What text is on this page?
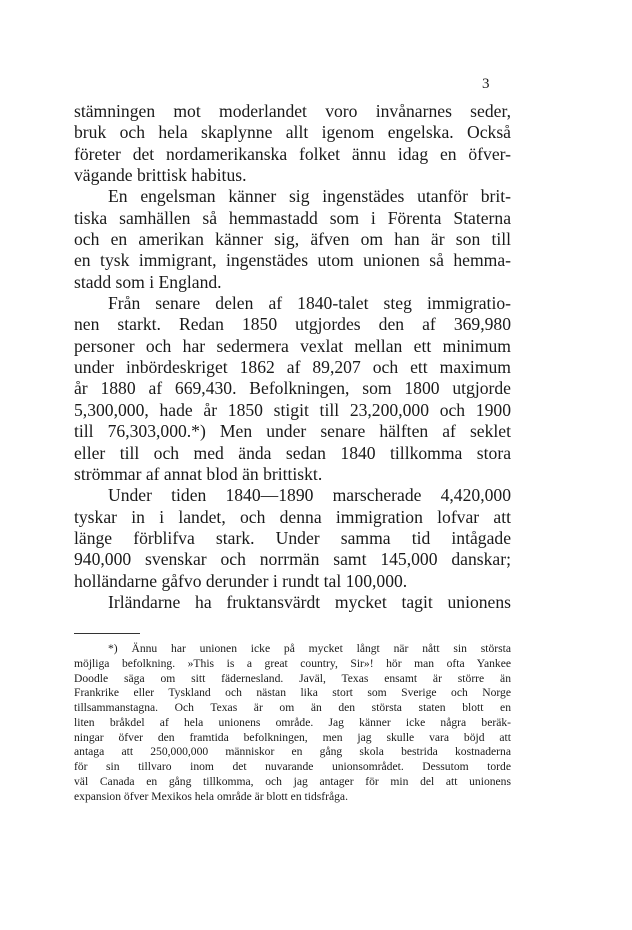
3
stämningen mot moderlandet voro invånarnes seder,
bruk och hela skaplynne allt igenom engelska. Också
företer det nordamerikanska folket ännu idag en öfver-
vägande brittisk habitus.
En engelsman känner sig ingenstädes utanför brit-
tiska samhällen så hemmastadd som i Förenta Staterna
och en amerikan känner sig, äfven om han är son till
en tysk immigrant, ingenstädes utom unionen så hemma-
stadd som i England.
Från senare delen af 1840-talet steg immigratio-
nen starkt. Redan 1850 utgjordes den af 369,980
personer och har sedermera vexlat mellan ett minimum
under inbördeskriget 1862 af 89,207 och ett maximum
år 1880 af 669,430. Befolkningen, som 1800 utgjorde
5,300,000, hade år 1850 stigit till 23,200,000 och 1900
till 76,303,000.*) Men under senare hälften af seklet
eller till och med ända sedan 1840 tillkomma stora
strömmar af annat blod än brittiskt.
Under tiden 1840—1890 marscherade 4,420,000
tyskar in i landet, och denna immigration lofvar att
länge förblifva stark. Under samma tid intågade
940,000 svenskar och norrmän samt 145,000 danskar;
holländarne gåfvo derunder i rundt tal 100,000.
Irländarne ha fruktansvärdt mycket tagit unionens
*) Ännu har unionen icke på mycket långt när nått sin största
möjliga befolkning. »This is a great country, Sir»! hör man ofta Yankee
Doodle säga om sitt fädernesland. Javäl, Texas ensamt är större än
Frankrike eller Tyskland och nästan lika stort som Sverige och Norge
tillsammanstagna. Och Texas är om än den största staten blott en
liten bråkdel af hela unionens område. Jag känner icke några beräk-
ningar öfver den framtida befolkningen, men jag skulle vara böjd att
antaga att 250,000,000 människor en gång skola bestrida kostnaderna
för sin tillvaro inom det nuvarande unionsområdet. Dessutom torde
väl Canada en gång tillkomma, och jag antager för min del att unionens
expansion öfver Mexikos hela område är blott en tidsfråga.
